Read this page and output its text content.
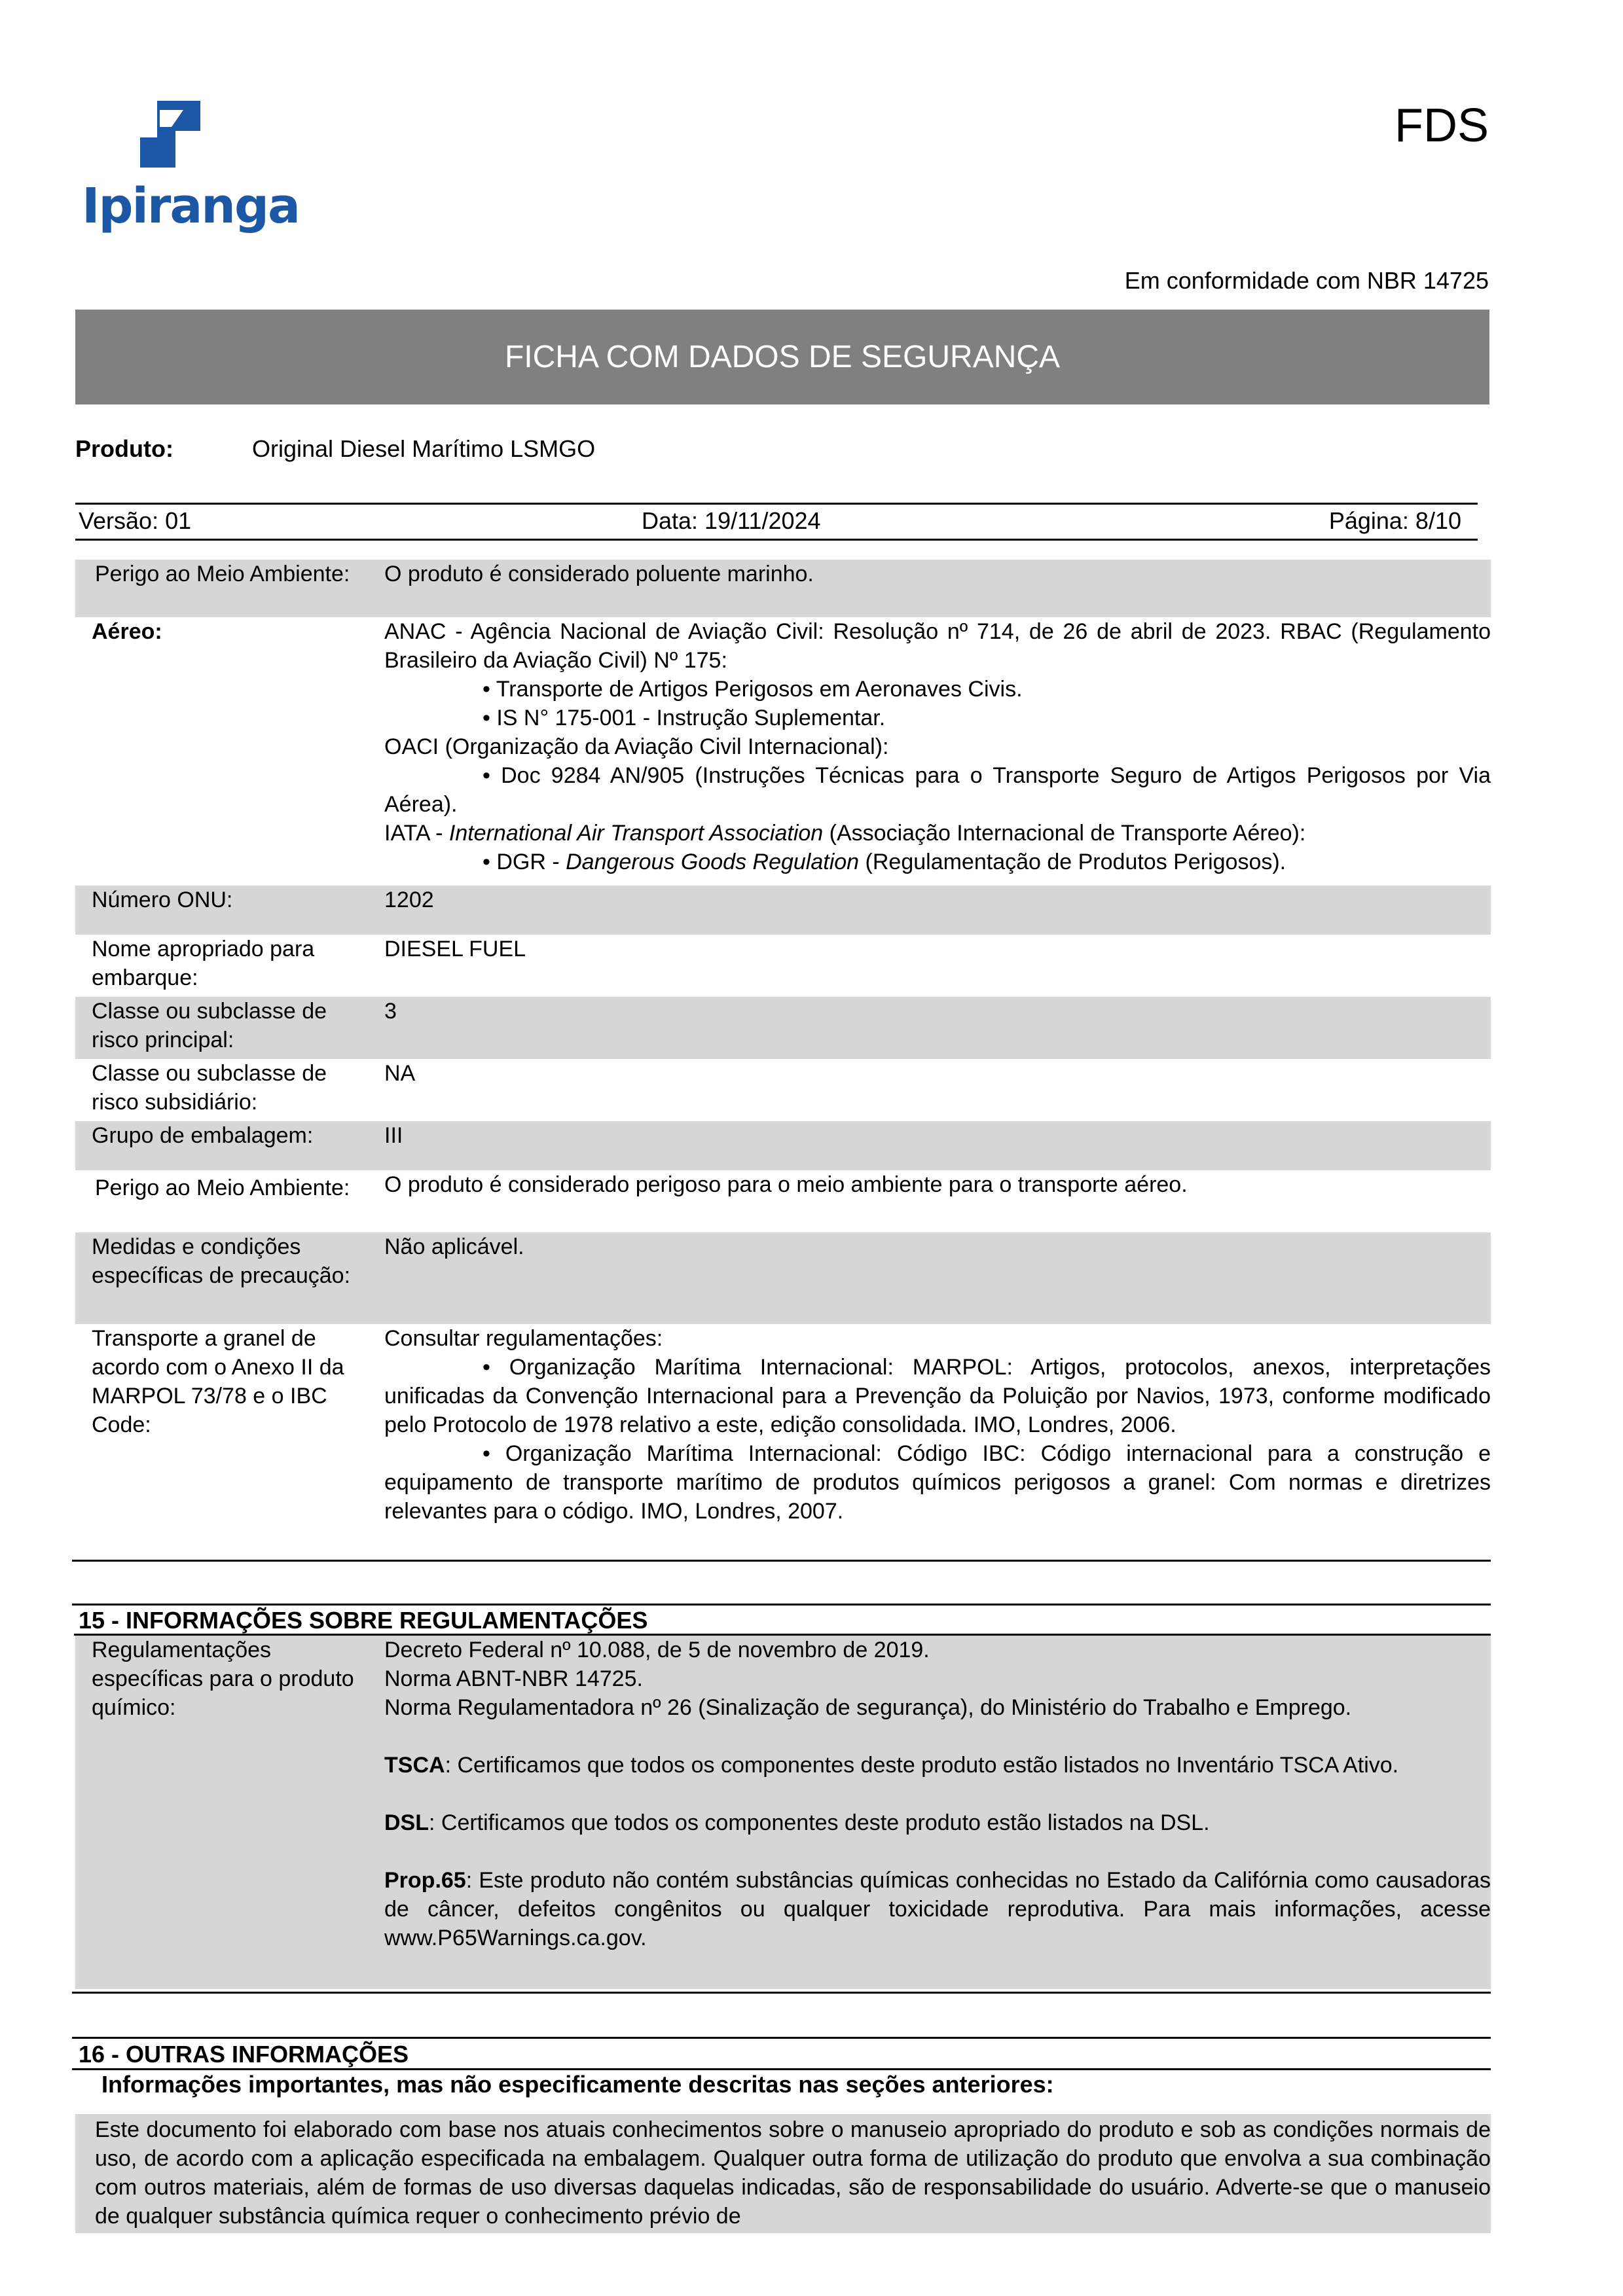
Ipiranga
FDS
Em conformidade com NBR 14725
FICHA COM DADOS DE SEGURANÇA
Produto:	Original Diesel Marítimo LSMGO
Versão: 01	Data: 19/11/2024	Página: 8/10
Perigo ao Meio Ambiente:	O produto é considerado poluente marinho.
Aéreo:	ANAC - Agência Nacional de Aviação Civil: Resolução nº 714, de 26 de abril de 2023. RBAC (Regulamento Brasileiro da Aviação Civil) Nº 175:

• Transporte de Artigos Perigosos em Aeronaves Civis.

• IS N° 175-001 - Instrução Suplementar.

OACI (Organização da Aviação Civil Internacional):

• Doc 9284 AN/905 (Instruções Técnicas para o Transporte Seguro de Artigos Perigosos por Via Aérea).

IATA - International Air Transport Association (Associação Internacional de Transporte Aéreo):

• DGR - Dangerous Goods Regulation (Regulamentação de Produtos Perigosos).

Número ONU:	1202
Nome apropriado para embarque:
DIESEL FUEL
Classe ou subclasse de risco principal:
3
Classe ou subclasse de risco subsidiário:
NA
Grupo de embalagem:	III
Perigo ao Meio Ambiente:	O produto é considerado perigoso para o meio ambiente para o transporte aéreo.
Medidas e condições específicas de precaução:
Não aplicável.
Transporte a granel de acordo com o Anexo II da MARPOL 73/78 e o IBC Code:

Consultar regulamentações:

• Organização Marítima Internacional: MARPOL: Artigos, protocolos, anexos, interpretações unificadas da Convenção Internacional para a Prevenção da Poluição por Navios, 1973, conforme modificado pelo Protocolo de 1978 relativo a este, edição consolidada. IMO, Londres, 2006.

• Organização Marítima Internacional: Código IBC: Código internacional para a construção e equipamento de transporte marítimo de produtos químicos perigosos a granel: Com normas e diretrizes relevantes para o código. IMO, Londres, 2007.

15 - INFORMAÇÕES SOBRE REGULAMENTAÇÕES
Regulamentações específicas para o produto químico:

Decreto Federal nº 10.088, de 5 de novembro de 2019.

Norma ABNT-NBR 14725.

Norma Regulamentadora nº 26 (Sinalização de segurança), do Ministério do Trabalho e Emprego.

TSCA: Certificamos que todos os componentes deste produto estão listados no Inventário TSCA Ativo.

DSL: Certificamos que todos os componentes deste produto estão listados na DSL.

Prop.65: Este produto não contém substâncias químicas conhecidas no Estado da Califórnia como causadoras de câncer, defeitos congênitos ou qualquer toxicidade reprodutiva. Para mais informações, acesse www.P65Warnings.ca.gov.

16 - OUTRAS INFORMAÇÕES
Informações importantes, mas não especificamente descritas nas seções anteriores:
Este documento foi elaborado com base nos atuais conhecimentos sobre o manuseio apropriado do produto e sob as condições normais de uso, de acordo com a aplicação especificada na embalagem. Qualquer outra forma de utilização do produto que envolva a sua combinação com outros materiais, além de formas de uso diversas daquelas indicadas, são de responsabilidade do usuário. Adverte-se que o manuseio de qualquer substância química requer o conhecimento prévio de
